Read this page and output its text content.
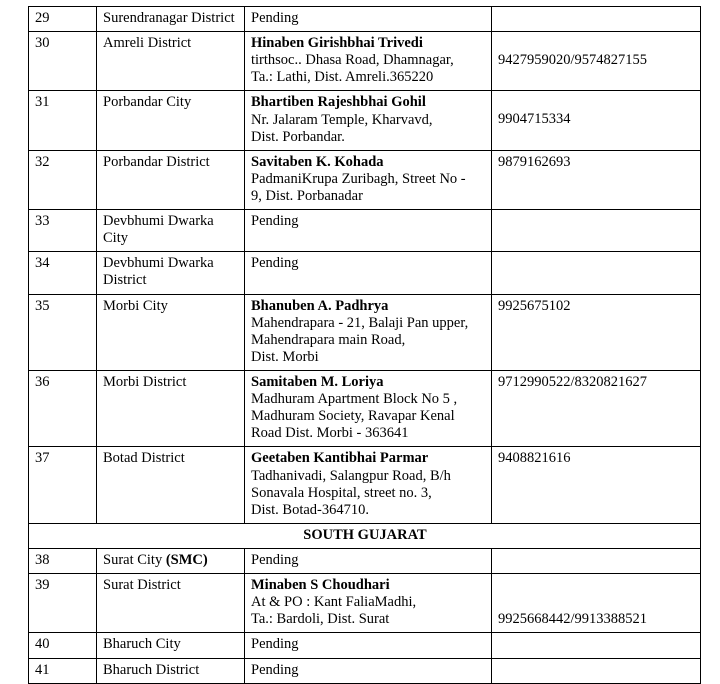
29	Surendranagar District	Pending	
30	Amreli District	Hinaben Girishbhai Trivedi
tirthsoc.. Dhasa Road, Dhamnagar,
Ta.: Lathi, Dist. Amreli.365220	9427959020/9574827155

31	Porbandar City	Bhartiben Rajeshbhai Gohil
Nr. Jalaram Temple, Kharvavd,
Dist. Porbandar.	9904715334

32	Porbandar District	Savitaben K. Kohada
PadmaniKrupa Zuribagh, Street No -
9, Dist. Porbanadar	9879162693
33	Devbhumi Dwarka City	Pending	
34	Devbhumi Dwarka District	Pending	
35	Morbi City	Bhanuben A. Padhrya
Mahendrapara - 21, Balaji Pan upper,
Mahendrapara main Road,
Dist. Morbi	9925675102
36	Morbi District	Samitaben M. Loriya
Madhuram Apartment Block No 5 ,
Madhuram Society, Ravapar Kenal
Road Dist. Morbi - 363641	9712990522/8320821627
37	Botad District	Geetaben Kantibhai Parmar
Tadhanivadi, Salangpur Road, B/h
Sonavala Hospital, street no. 3,
Dist. Botad-364710.	9408821616
SOUTH GUJARAT			
38	Surat City (SMC)	Pending	
39	Surat District	Minaben S Choudhari
At & PO : Kant FaliaMadhi,
Ta.: Bardoli, Dist. Surat	9925668442/9913388521

40	Bharuch City	Pending	
41	Bharuch District	Pending	
